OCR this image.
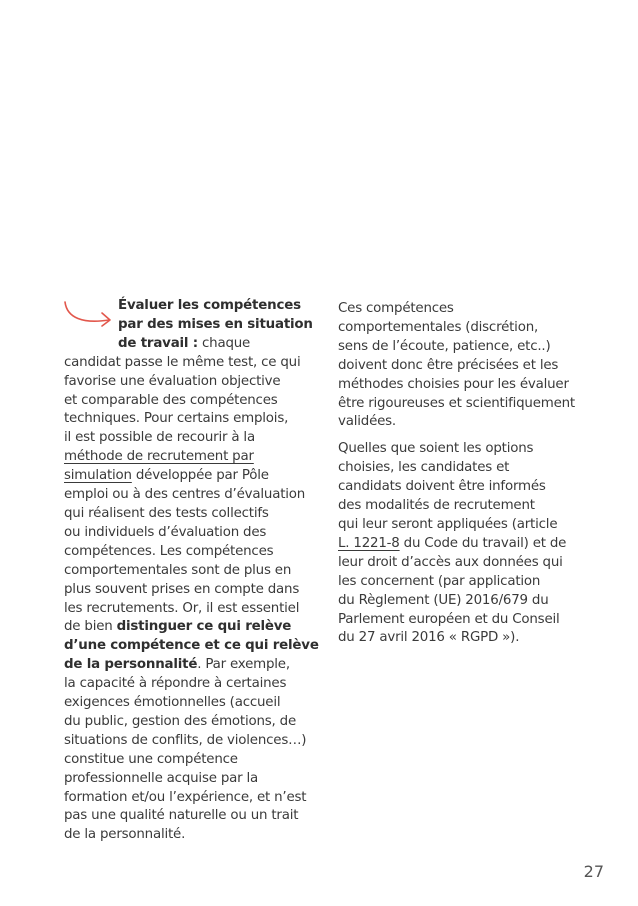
Évaluer les compétences
par des mises en situation
de travail : chaque
candidat passe le même test, ce qui
favorise une évaluation objective
et comparable des compétences
techniques. Pour certains emplois,
il est possible de recourir à la
méthode de recrutement par
simulation développée par Pôle
emploi ou à des centres d’évaluation
qui réalisent des tests collectifs
ou individuels d’évaluation des
compétences. Les compétences
comportementales sont de plus en
plus souvent prises en compte dans
les recrutements. Or, il est essentiel
de bien distinguer ce qui relève
d’une compétence et ce qui relève
de la personnalité. Par exemple,
la capacité à répondre à certaines
exigences émotionnelles (accueil
du public, gestion des émotions, de
situations de conflits, de violences…)
constitue une compétence
professionnelle acquise par la
formation et/ou l’expérience, et n’est
pas une qualité naturelle ou un trait
de la personnalité.
Ces compétences
comportementales (discrétion,
sens de l’écoute, patience, etc..)
doivent donc être précisées et les
méthodes choisies pour les évaluer
être rigoureuses et scientifiquement
validées.
Quelles que soient les options
choisies, les candidates et
candidats doivent être informés
des modalités de recrutement
qui leur seront appliquées (article
L. 1221-8 du Code du travail) et de
leur droit d’accès aux données qui
les concernent (par application
du Règlement (UE) 2016/679 du
Parlement européen et du Conseil
du 27 avril 2016 « RGPD »).
27
